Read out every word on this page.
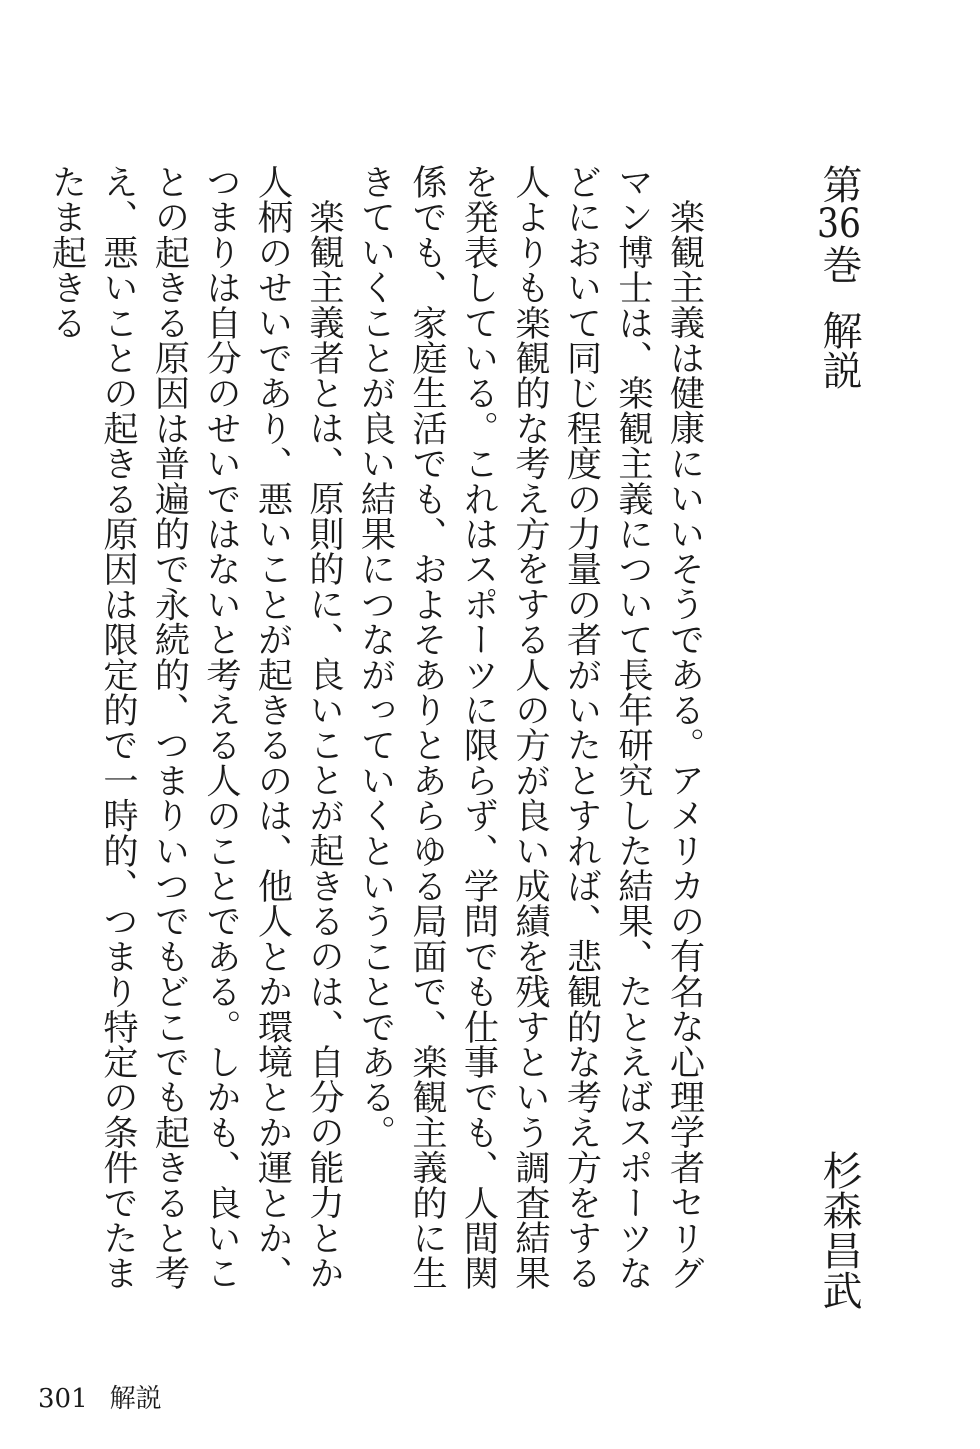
第36巻解説
杉森昌武

楽観主義は健康にいいそうである。アメリカの有名な心理学者セリグマン博士は、楽観主義について長年研究した結果、たとえばスポーツなどにおいて同じ程度の力量の者がいたとすれば、悲観的な考え方をする人よりも楽観的な考え方をする人の方が良い成績を残すという調査結果を発表している。これはスポーツに限らず、学問でも仕事でも、人間関係でも、家庭生活でも、およそありとあらゆる局面で、楽観主義的に生きていくことが良い結果につながっていくということである。

楽観主義者とは、原則的に、良いことが起きるのは、自分の能力とか人柄のせいであり、悪いことが起きるのは、他人とか環境とか運とか、つまりは自分のせいではないと考える人のことである。しかも、良いことの起きる原因は普遍的で永続的、つまりいつでもどこでも起きると考え、悪いことの起きる原因は限定的で一時的、つまり特定の条件でたまたま起きる

301 解説
